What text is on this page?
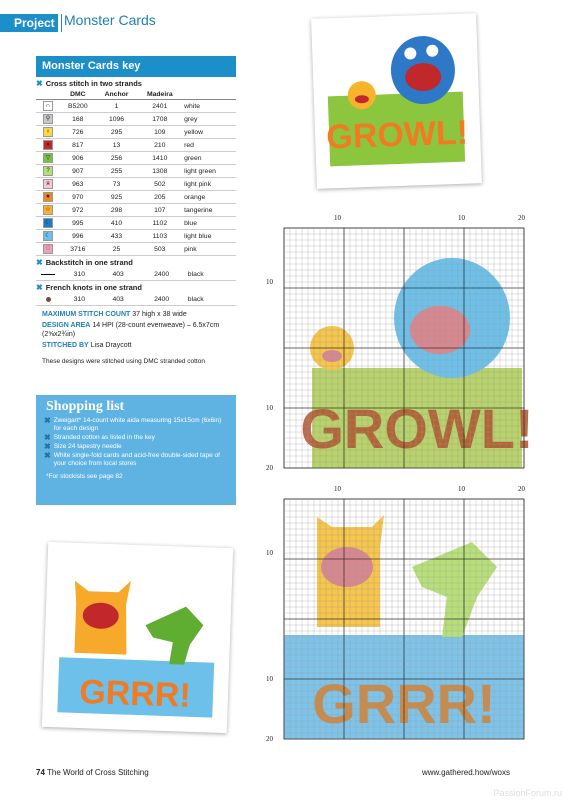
Project Monster Cards
Monster Cards key
✖ Cross stitch in two strands
	DMC	Anchor	Madeira	
∩	B5200	1	2401	white
⚲	168	1096	1708	grey
♀	726	295	109	yellow
♦	817	13	210	red
▽	906	256	1410	green
?	907	255	1308	light green
я	963	73	502	light pink
★	970	925	205	orange
☆	972	298	107	tangerine
☾	995	410	1102	blue
☾	996	433	1103	light blue
♡	3716	25	503	pink
✖ Backstitch in one strand
	310	403	2400	black
✖ French knots in one strand
	310	403	2400	black

MAXIMUM STITCH COUNT 37 high x 38 wide

DESIGN AREA 14 HPI (28-count evenweave) – 6.5x7cm (2⅝x2¾in)

STITCHED BY Lisa Draycott

These designs were stitched using DMC stranded cotton

Shopping list
✖ Zweigart* 14-count white aida measuring 15x15cm (6x6in) for each design
✖ Stranded cotton as listed in the key
✖ Size 24 tapestry needle
✖ White single-fold cards and acid-free double-sided tape of your choice from local stores
*For stockists see page 82
GROWL!
GROWL!
10	10	20
10
10
20
GRRR!
10	10	20
10
10
20
GRRR!
74 The World of Cross Stitching	www.gathered.how/woxs
PassionForum.ru
